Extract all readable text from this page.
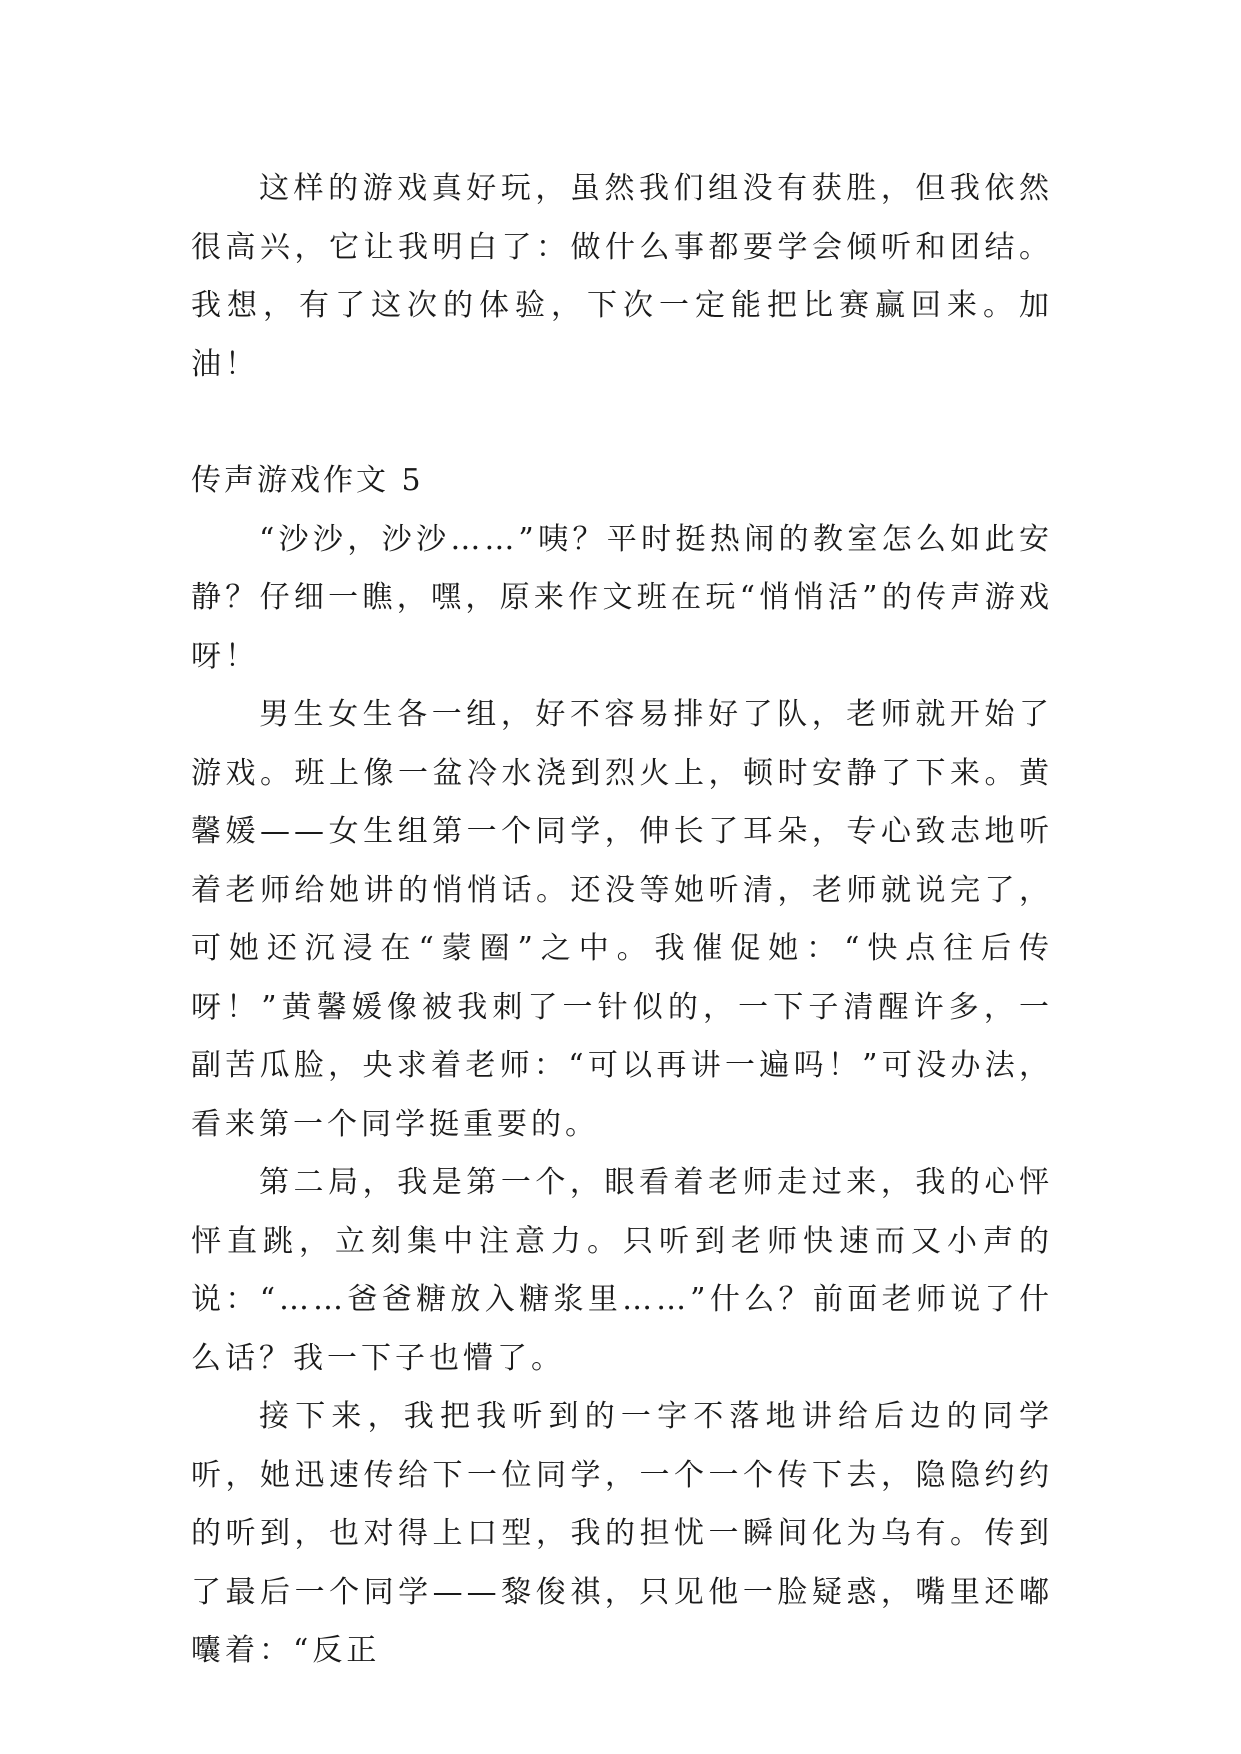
这样的游戏真好玩，虽然我们组没有获胜，但我依然很高兴，它让我明白了：做什么事都要学会倾听和团结。我想，有了这次的体验，下次一定能把比赛赢回来。加油！

传声游戏作文 5

“沙沙，沙沙……”咦？平时挺热闹的教室怎么如此安静？仔细一瞧，嘿，原来作文班在玩“悄悄活”的传声游戏呀！

男生女生各一组，好不容易排好了队，老师就开始了游戏。班上像一盆冷水浇到烈火上，顿时安静了下来。黄馨媛——女生组第一个同学，伸长了耳朵，专心致志地听着老师给她讲的悄悄话。还没等她听清，老师就说完了，可她还沉浸在“蒙圈”之中。我催促她：“快点往后传呀！”黄馨媛像被我刺了一针似的，一下子清醒许多，一副苦瓜脸，央求着老师：“可以再讲一遍吗！”可没办法，看来第一个同学挺重要的。

第二局，我是第一个，眼看着老师走过来，我的心怦怦直跳，立刻集中注意力。只听到老师快速而又小声的说：“……爸爸糖放入糖浆里……”什么？前面老师说了什么话？我一下子也懵了。

接下来，我把我听到的一字不落地讲给后边的同学听，她迅速传给下一位同学，一个一个传下去，隐隐约约的听到，也对得上口型，我的担忧一瞬间化为乌有。传到了最后一个同学——黎俊祺，只见他一脸疑惑，嘴里还嘟囔着：“反正
